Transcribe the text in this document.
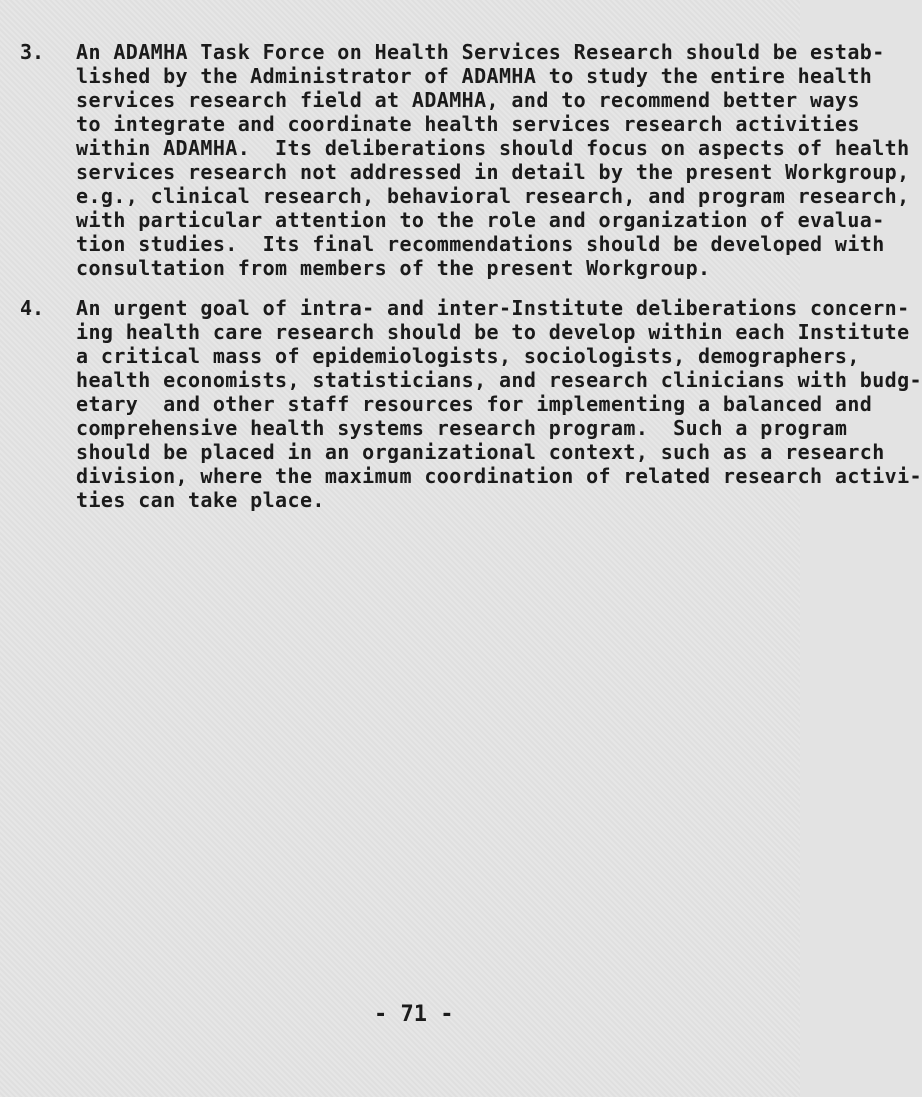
3. An ADAMHA Task Force on Health Services Research should be estab-
lished by the Administrator of ADAMHA to study the entire health
services research field at ADAMHA, and to recommend better ways
to integrate and coordinate health services research activities
within ADAMHA.  Its deliberations should focus on aspects of health
services research not addressed in detail by the present Workgroup,
e.g., clinical research, behavioral research, and program research,
with particular attention to the role and organization of evalua-
tion studies.  Its final recommendations should be developed with
consultation from members of the present Workgroup.
4. An urgent goal of intra- and inter-Institute deliberations concern-
ing health care research should be to develop within each Institute
a critical mass of epidemiologists, sociologists, demographers,
health economists, statisticians, and research clinicians with budg-
etary  and other staff resources for implementing a balanced and
comprehensive health systems research program.  Such a program
should be placed in an organizational context, such as a research
division, where the maximum coordination of related research activi-
ties can take place.
- 71 -
